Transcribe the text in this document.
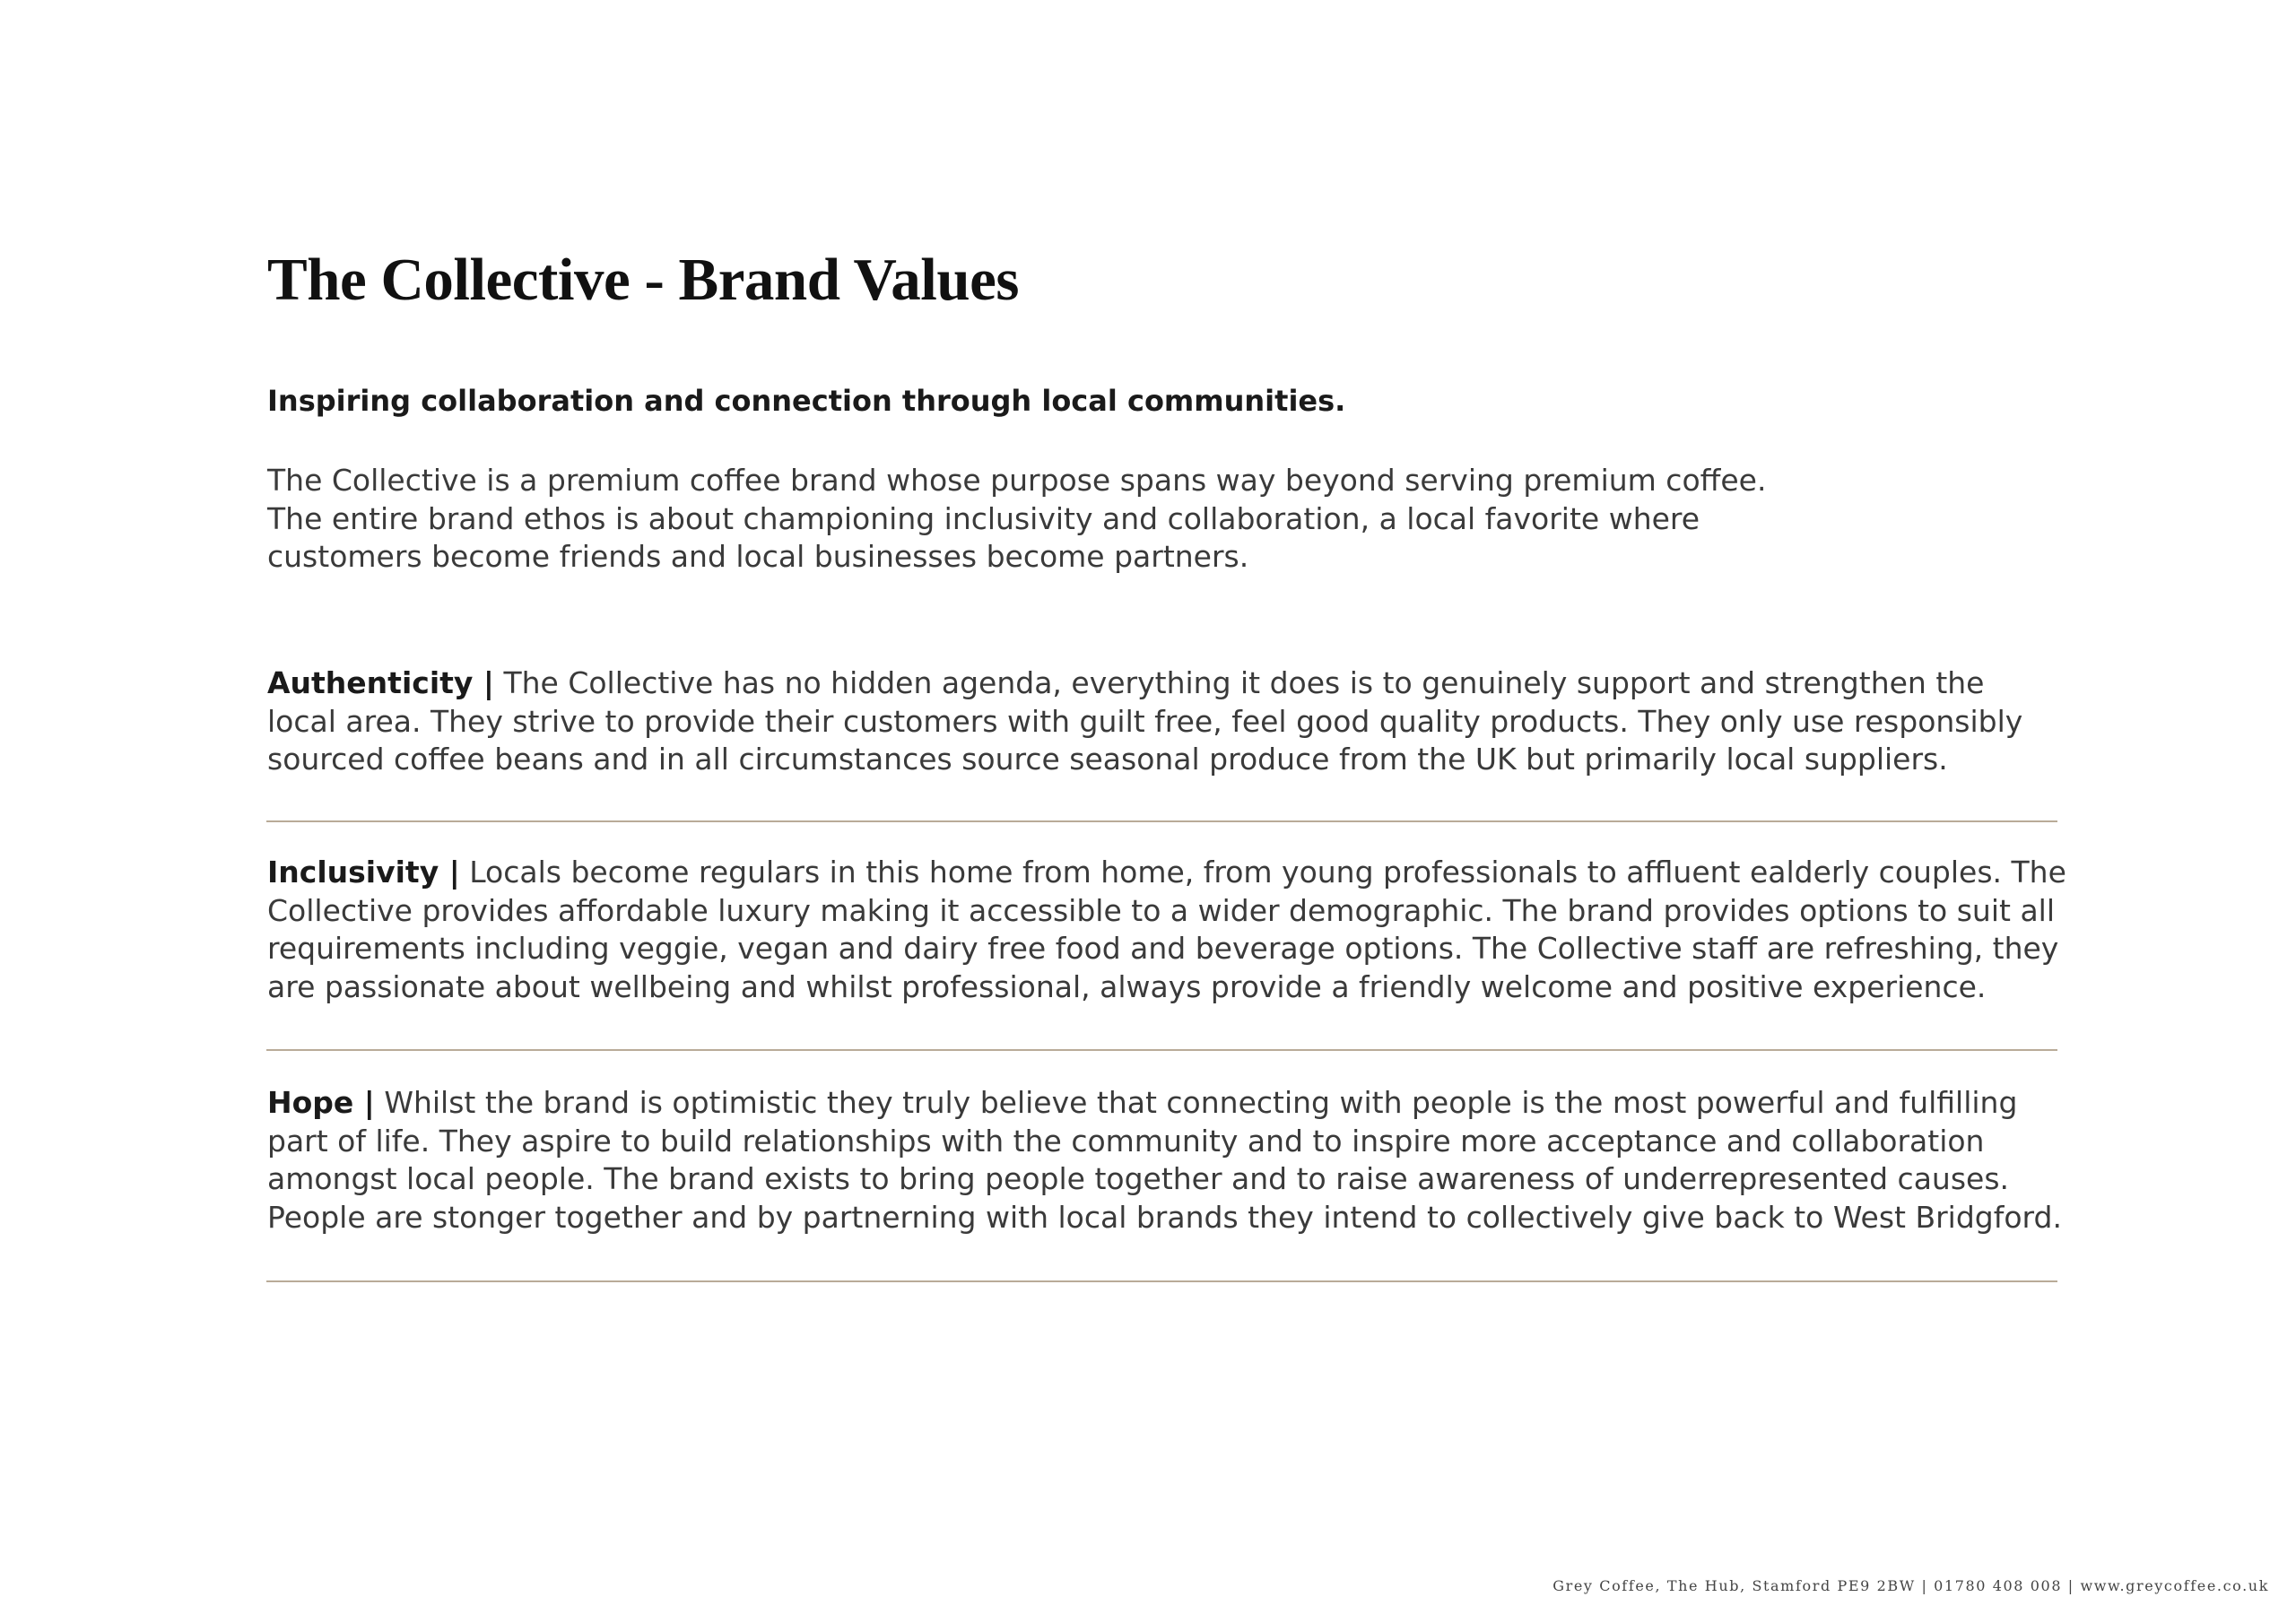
The Collective - Brand Values

Inspiring collaboration and connection through local communities.

The Collective is a premium coffee brand whose purpose spans way beyond serving premium coffee.
The entire brand ethos is about championing inclusivity and collaboration, a local favorite where
customers become friends and local businesses become partners.

Authenticity | The Collective has no hidden agenda, everything it does is to genuinely support and strengthen the
local area. They strive to provide their customers with guilt free, feel good quality products. They only use responsibly
sourced coffee beans and in all circumstances source seasonal produce from the UK but primarily local suppliers.

Inclusivity | Locals become regulars in this home from home, from young professionals to affluent ealderly couples. The
Collective provides affordable luxury making it accessible to a wider demographic. The brand provides options to suit all
requirements including veggie, vegan and dairy free food and beverage options. The Collective staff are refreshing, they
are passionate about wellbeing and whilst professional, always provide a friendly welcome and positive experience.

Hope | Whilst the brand is optimistic they truly believe that connecting with people is the most powerful and fulfilling
part of life. They aspire to build relationships with the community and to inspire more acceptance and collaboration
amongst local people. The brand exists to bring people together and to raise awareness of underrepresented causes.
People are stonger together and by partnerning with local brands they intend to collectively give back to West Bridgford.

Grey Coffee, The Hub, Stamford PE9 2BW | 01780 408 008 | www.greycoffee.co.uk
